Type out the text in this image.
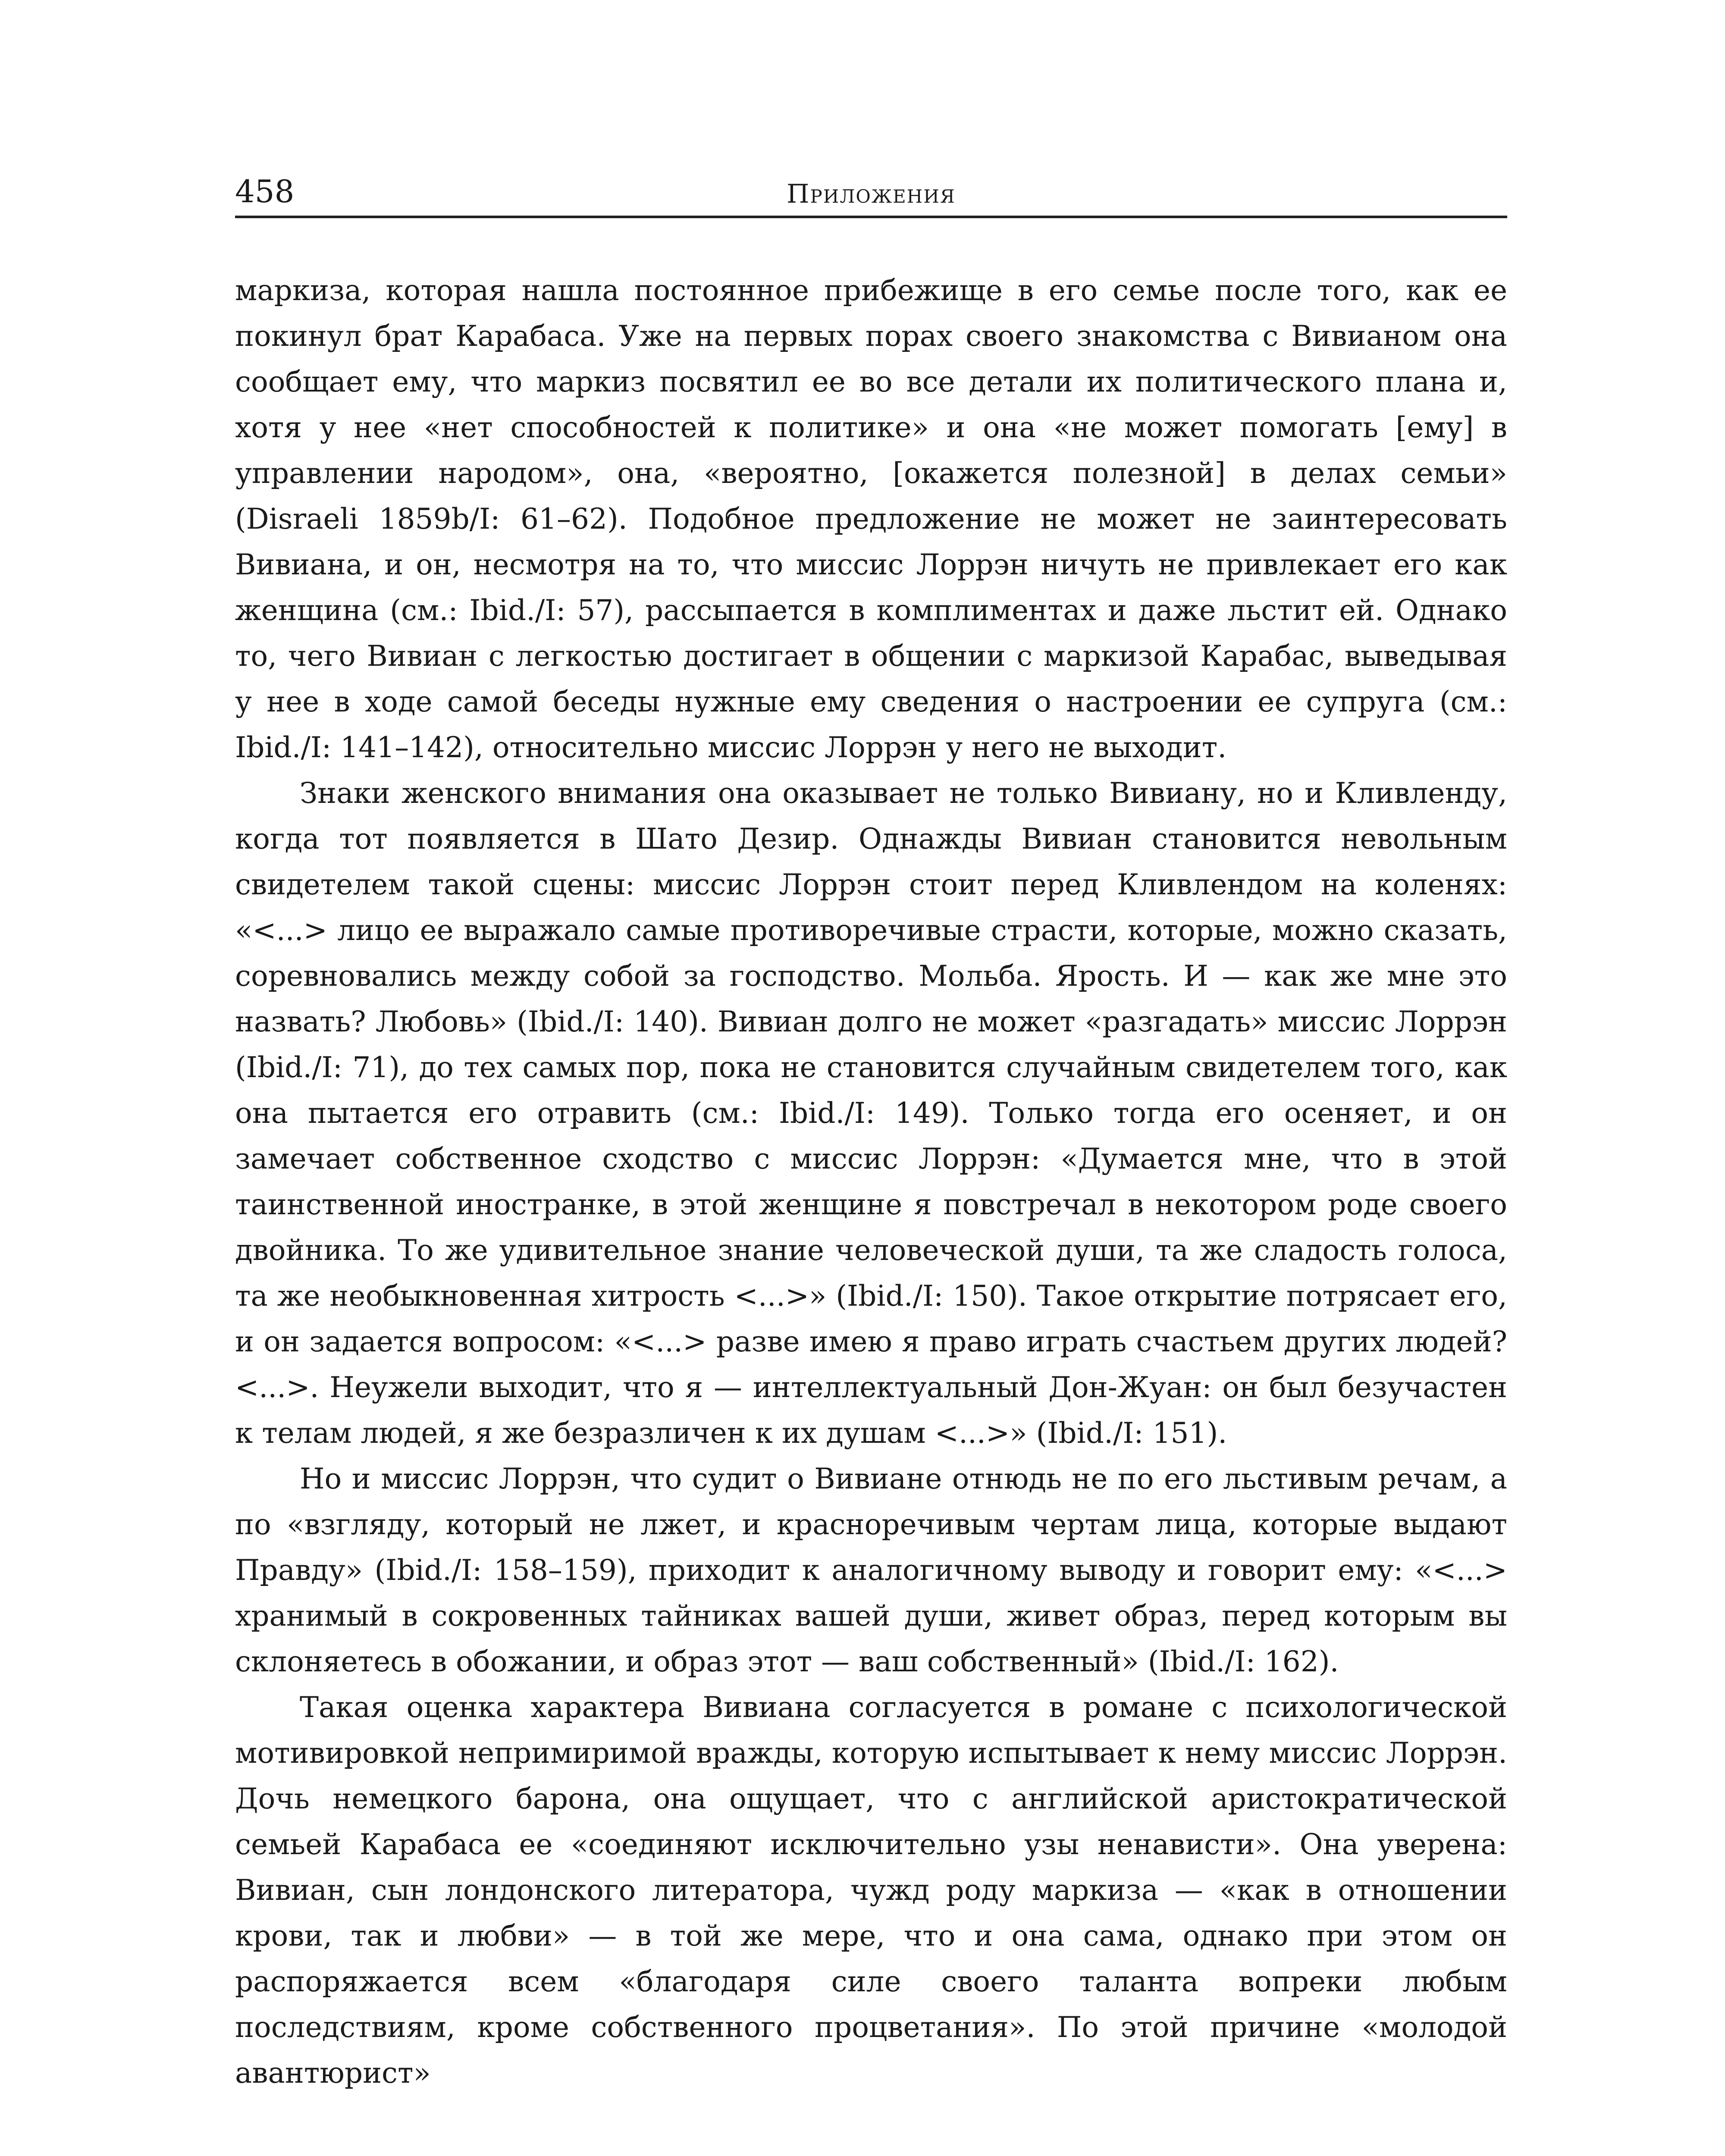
458	Приложения

маркиза, которая нашла постоянное прибежище в его семье после того, как ее покинул брат Карабаса. Уже на первых порах своего знакомства с Вивианом она сообщает ему, что маркиз посвятил ее во все детали их политического плана и, хотя у нее «нет способностей к политике» и она «не может помогать [ему] в управлении народом», она, «вероятно, [окажется полезной] в делах семьи» (Disraeli 1859b/I: 61–62). Подобное предложение не может не заинтересовать Вивиана, и он, несмотря на то, что миссис Лоррэн ничуть не привлекает его как женщина (см.: Ibid./I: 57), рассыпается в комплиментах и даже льстит ей. Однако то, чего Вивиан с легкостью достигает в общении с маркизой Карабас, выведывая у нее в ходе самой беседы нужные ему сведения о настроении ее супруга (см.: Ibid./I: 141–142), относительно миссис Лоррэн у него не выходит.

Знаки женского внимания она оказывает не только Вивиану, но и Кливленду, когда тот появляется в Шато Дезир. Однажды Вивиан становится невольным свидетелем такой сцены: миссис Лоррэн стоит перед Кливлендом на коленях: «<...> лицо ее выражало самые противоречивые страсти, которые, можно сказать, соревновались между собой за господство. Мольба. Ярость. И — как же мне это назвать? Любовь» (Ibid./I: 140). Вивиан долго не может «разгадать» миссис Лоррэн (Ibid./I: 71), до тех самых пор, пока не становится случайным свидетелем того, как она пытается его отравить (см.: Ibid./I: 149). Только тогда его осеняет, и он замечает собственное сходство с миссис Лоррэн: «Думается мне, что в этой таинственной иностранке, в этой женщине я повстречал в некотором роде своего двойника. То же удивительное знание человеческой души, та же сладость голоса, та же необыкновенная хитрость <...>» (Ibid./I: 150). Такое открытие потрясает его, и он задается вопросом: «<...> разве имею я право играть счастьем других людей? <...>. Неужели выходит, что я — интеллектуальный Дон-Жуан: он был безучастен к телам людей, я же безразличен к их душам <...>» (Ibid./I: 151).

Но и миссис Лоррэн, что судит о Вивиане отнюдь не по его льстивым речам, а по «взгляду, который не лжет, и красноречивым чертам лица, которые выдают Правду» (Ibid./I: 158–159), приходит к аналогичному выводу и говорит ему: «<...> хранимый в сокровенных тайниках вашей души, живет образ, перед которым вы склоняетесь в обожании, и образ этот — ваш собственный» (Ibid./I: 162).

Такая оценка характера Вивиана согласуется в романе с психологической мотивировкой непримиримой вражды, которую испытывает к нему миссис Лоррэн. Дочь немецкого барона, она ощущает, что с английской аристократической семьей Карабаса ее «соединяют исключительно узы ненависти». Она уверена: Вивиан, сын лондонского литератора, чужд роду маркиза — «как в отношении крови, так и любви» — в той же мере, что и она сама, однако при этом он распоряжается всем «благодаря силе своего таланта вопреки любым последствиям, кроме собственного процветания». По этой причине «молодой авантюрист»
